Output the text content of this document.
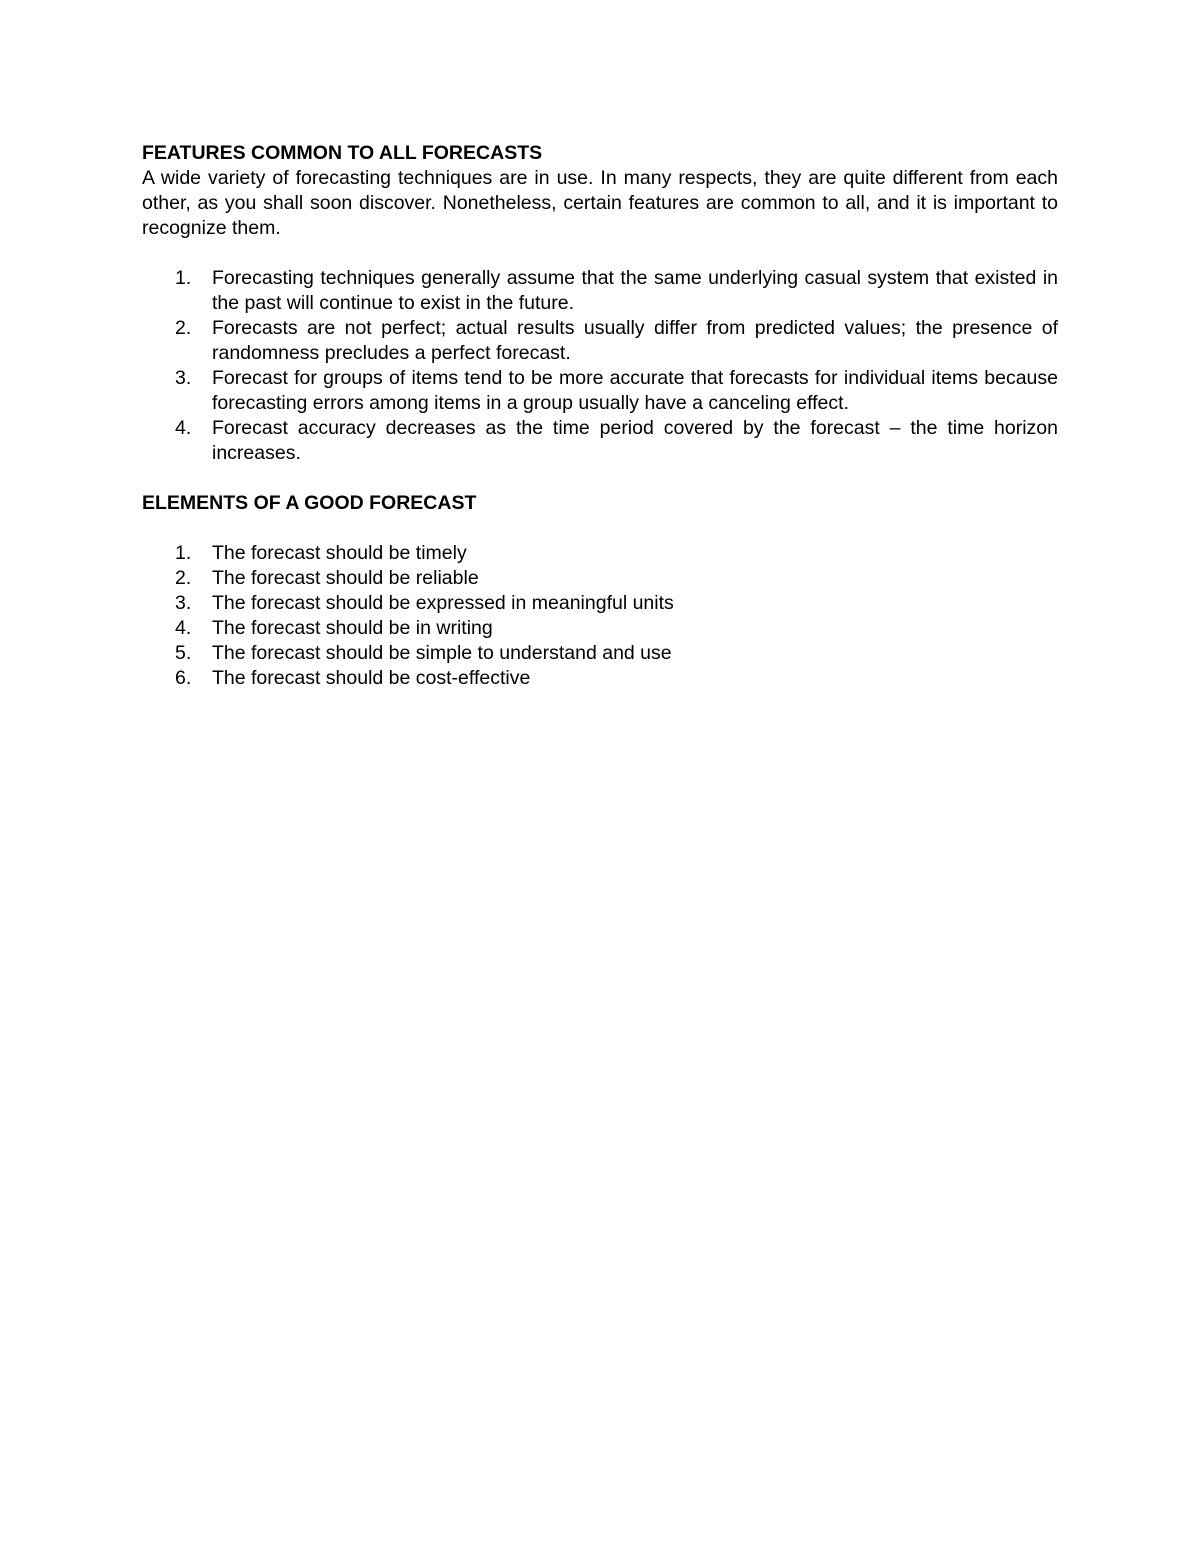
FEATURES COMMON TO ALL FORECASTS

A wide variety of forecasting techniques are in use. In many respects, they are quite different from each other, as you shall soon discover. Nonetheless, certain features are common to all, and it is important to recognize them.

1.	Forecasting techniques generally assume that the same underlying casual system that existed in the past will continue to exist in the future.
2.	Forecasts are not perfect; actual results usually differ from predicted values; the presence of randomness precludes a perfect forecast.
3.	Forecast for groups of items tend to be more accurate that forecasts for individual items because forecasting errors among items in a group usually have a canceling effect.
4.	Forecast accuracy decreases as the time period covered by the forecast – the time horizon increases.
ELEMENTS OF A GOOD FORECAST
1.	The forecast should be timely
2.	The forecast should be reliable
3.	The forecast should be expressed in meaningful units
4.	The forecast should be in writing
5.	The forecast should be simple to understand and use
6.	The forecast should be cost-effective
